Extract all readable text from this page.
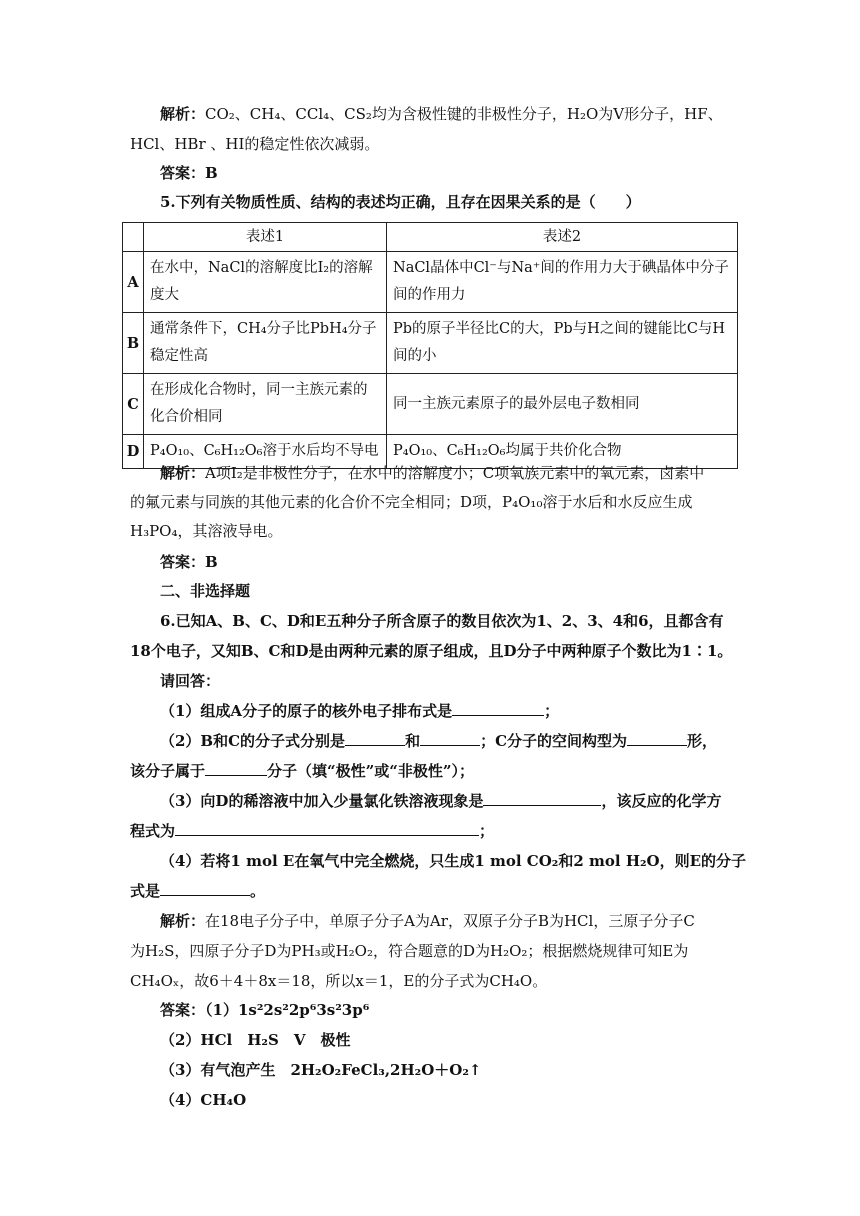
解析：CO₂、CH₄、CCl₄、CS₂均为含极性键的非极性分子，H₂O为V形分子，HF、
HCl、HBr 、HI的稳定性依次减弱。
答案：B
5.下列有关物质性质、结构的表述均正确，且存在因果关系的是（　　）
	表述1	表述2
A	在水中，NaCl的溶解度比I₂的溶解度大	NaCl晶体中Cl⁻与Na⁺间的作用力大于碘晶体中分子间的作用力
B	通常条件下，CH₄分子比PbH₄分子稳定性高	Pb的原子半径比C的大，Pb与H之间的键能比C与H间的小
C	在形成化合物时，同一主族元素的化合价相同	同一主族元素原子的最外层电子数相同
D	P₄O₁₀、C₆H₁₂O₆溶于水后均不导电	P₄O₁₀、C₆H₁₂O₆均属于共价化合物
解析：A项I₂是非极性分子，在水中的溶解度小；C项氧族元素中的氧元素，卤素中
的氟元素与同族的其他元素的化合价不完全相同；D项，P₄O₁₀溶于水后和水反应生成
H₃PO₄，其溶液导电。
答案：B
二、非选择题
6.已知A、B、C、D和E五种分子所含原子的数目依次为1、2、3、4和6，且都含有
18个电子，又知B、C和D是由两种元素的原子组成，且D分子中两种原子个数比为1∶1。
请回答：
（1）组成A分子的原子的核外电子排布式是	；
（2）B和C的分子式分别是	和	；C分子的空间构型为	形，
该分子属于	分子（填“极性”或“非极性”）；
（3）向D的稀溶液中加入少量氯化铁溶液现象是	，该反应的化学方
程式为	；
（4）若将1 mol E在氧气中完全燃烧，只生成1 mol CO₂和2 mol H₂O，则E的分子
式是	。
解析：在18电子分子中，单原子分子A为Ar，双原子分子B为HCl，三原子分子C
为H₂S，四原子分子D为PH₃或H₂O₂，符合题意的D为H₂O₂；根据燃烧规律可知E为
CH₄Oₓ，故6＋4＋8x＝18，所以x＝1，E的分子式为CH₄O。
答案：（1）1s²2s²2p⁶3s²3p⁶
（2）HCl　H₂S　V　极性
（3）有气泡产生　2H₂O₂FeCl₃,2H₂O＋O₂↑
（4）CH₄O
